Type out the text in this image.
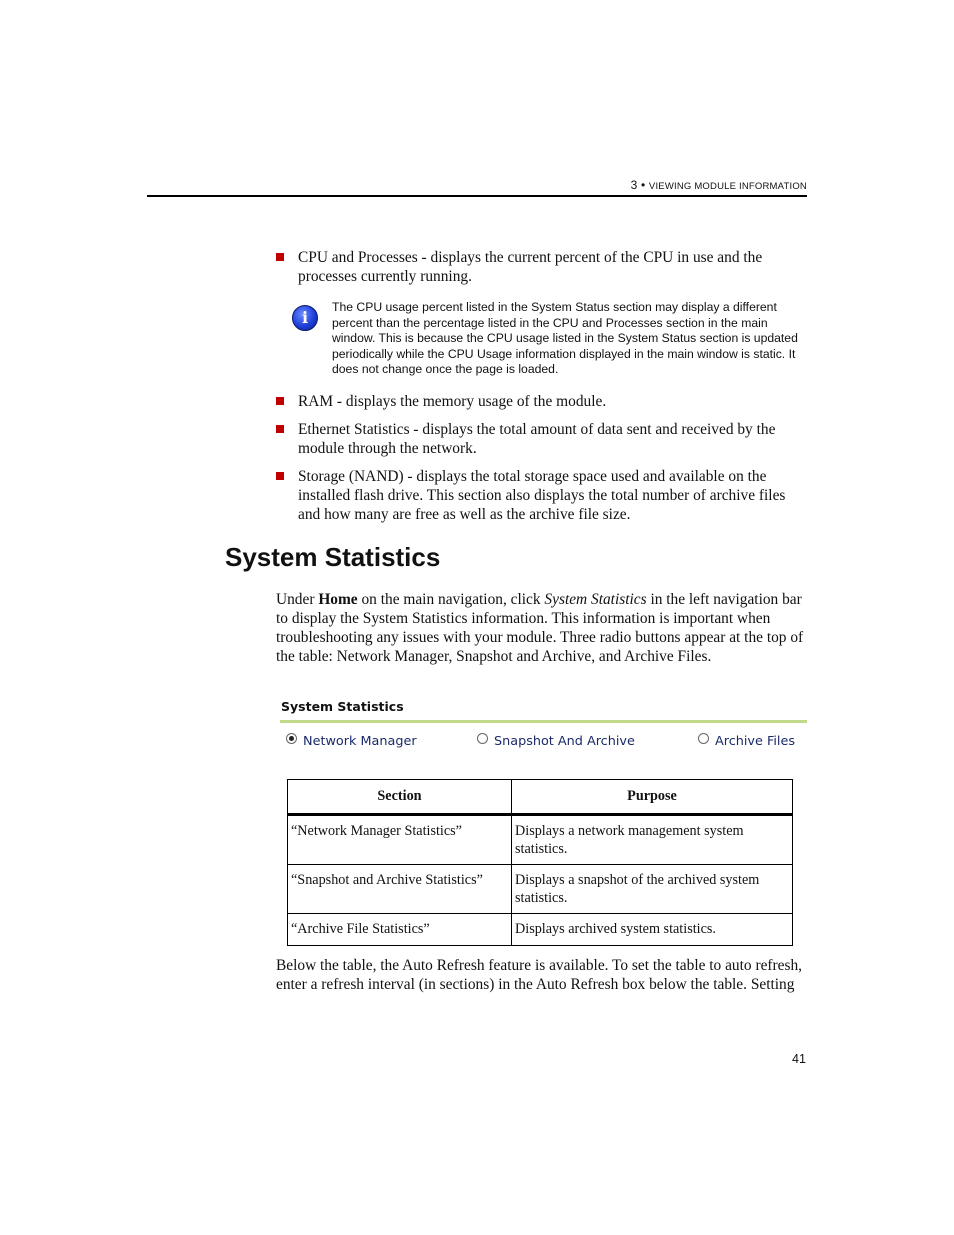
3 • VIEWING MODULE INFORMATION
CPU and Processes - displays the current percent of the CPU in use and the processes currently running.
i
The CPU usage percent listed in the System Status section may display a different percent than the percentage listed in the CPU and Processes section in the main window. This is because the CPU usage listed in the System Status section is updated periodically while the CPU Usage information displayed in the main window is static. It does not change once the page is loaded.
RAM - displays the memory usage of the module.
Ethernet Statistics - displays the total amount of data sent and received by the module through the network.
Storage (NAND) - displays the total storage space used and available on the installed flash drive. This section also displays the total number of archive files and how many are free as well as the archive file size.
System Statistics
Under Home on the main navigation, click System Statistics in the left navigation bar to display the System Statistics information. This information is important when troubleshooting any issues with your module. Three radio buttons appear at the top of the table: Network Manager, Snapshot and Archive, and Archive Files.
System Statistics
Network Manager	Snapshot And Archive	Archive Files
Section	Purpose
“Network Manager Statistics”	Displays a network management system statistics.
“Snapshot and Archive Statistics”	Displays a snapshot of the archived system statistics.
“Archive File Statistics”	Displays archived system statistics.
Below the table, the Auto Refresh feature is available. To set the table to auto refresh, enter a refresh interval (in sections) in the Auto Refresh box below the table. Setting
41
